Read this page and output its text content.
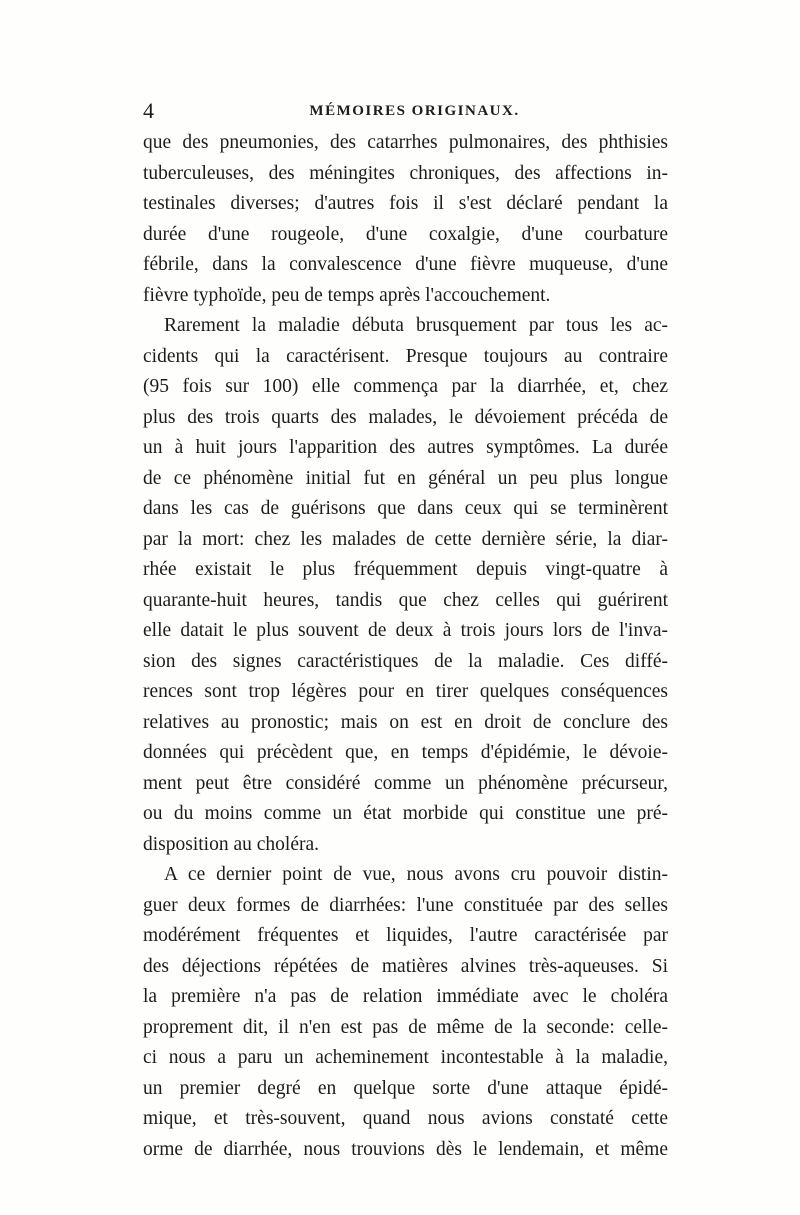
4	MÉMOIRES ORIGINAUX.

que des pneumonies, des catarrhes pulmonaires, des phthisies
tuberculeuses, des méningites chroniques, des affections in-
testinales diverses; d'autres fois il s'est déclaré pendant la
durée d'une rougeole, d'une coxalgie, d'une courbature
fébrile, dans la convalescence d'une fièvre muqueuse, d'une
fièvre typhoïde, peu de temps après l'accouchement.

Rarement la maladie débuta brusquement par tous les ac-
cidents qui la caractérisent. Presque toujours au contraire
(95 fois sur 100) elle commença par la diarrhée, et, chez
plus des trois quarts des malades, le dévoiement précéda de
un à huit jours l'apparition des autres symptômes. La durée
de ce phénomène initial fut en général un peu plus longue
dans les cas de guérisons que dans ceux qui se terminèrent
par la mort: chez les malades de cette dernière série, la diar-
rhée existait le plus fréquemment depuis vingt-quatre à
quarante-huit heures, tandis que chez celles qui guérirent
elle datait le plus souvent de deux à trois jours lors de l'inva-
sion des signes caractéristiques de la maladie. Ces diffé-
rences sont trop légères pour en tirer quelques conséquences
relatives au pronostic; mais on est en droit de conclure des
données qui précèdent que, en temps d'épidémie, le dévoie-
ment peut être considéré comme un phénomène précurseur,
ou du moins comme un état morbide qui constitue une pré-
disposition au choléra.

A ce dernier point de vue, nous avons cru pouvoir distin-
guer deux formes de diarrhées: l'une constituée par des selles
modérément fréquentes et liquides, l'autre caractérisée par
des déjections répétées de matières alvines très-aqueuses. Si
la première n'a pas de relation immédiate avec le choléra
proprement dit, il n'en est pas de même de la seconde: celle-
ci nous a paru un acheminement incontestable à la maladie,
un premier degré en quelque sorte d'une attaque épidé-
mique, et très-souvent, quand nous avions constaté cette
orme de diarrhée, nous trouvions dès le lendemain, et même
